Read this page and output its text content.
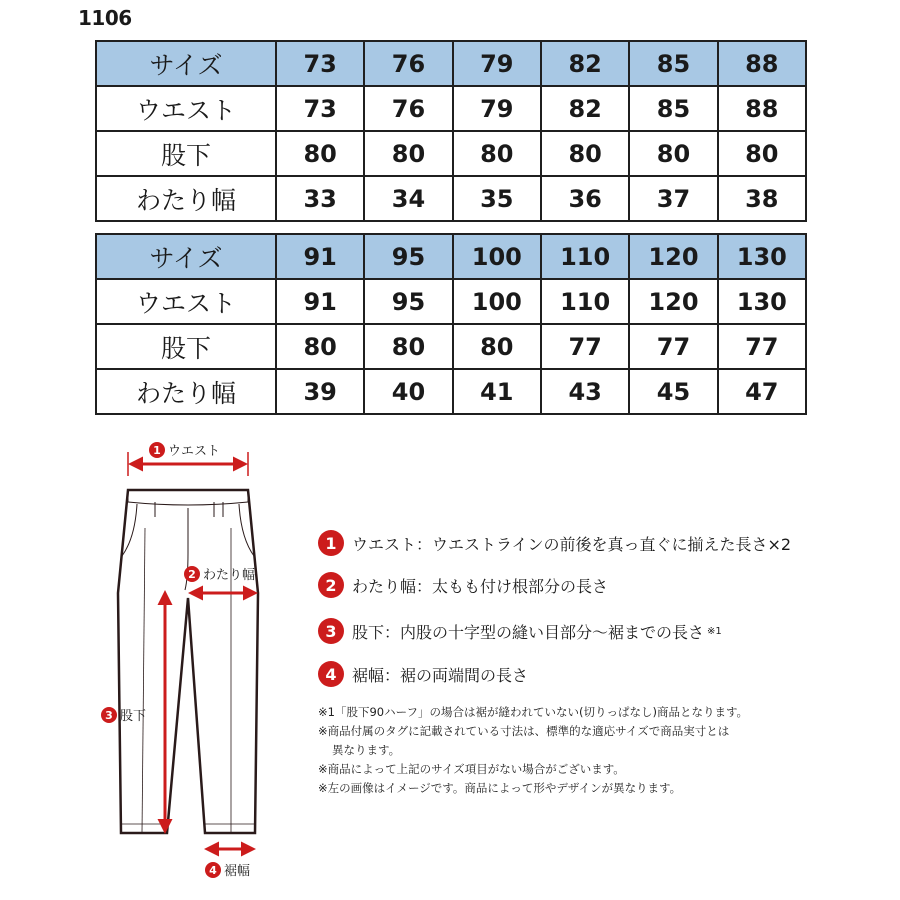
1106
サイズ	73	76	79	82	85	88
ウエスト	73	76	79	82	85	88
股下	80	80	80	80	80	80
わたり幅	33	34	35	36	37	38
サイズ	91	95	100	110	120	130
ウエスト	91	95	100	110	120	130
股下	80	80	80	77	77	77
わたり幅	39	40	41	43	45	47
1 ウエスト
2 わたり幅
3 股下
4 裾幅
1 ウエスト：ウエストラインの前後を真っ直ぐに揃えた長さ×2
2 わたり幅：太もも付け根部分の長さ
3 股下：内股の十字型の縫い目部分〜裾までの長さ ※1
4 裾幅：裾の両端間の長さ
※1「股下90ハーフ」の場合は裾が縫われていない(切りっぱなし)商品となります。
※商品付属のタグに記載されている寸法は、標準的な適応サイズで商品実寸とは
異なります。
※商品によって上記のサイズ項目がない場合がございます。
※左の画像はイメージです。商品によって形やデザインが異なります。
